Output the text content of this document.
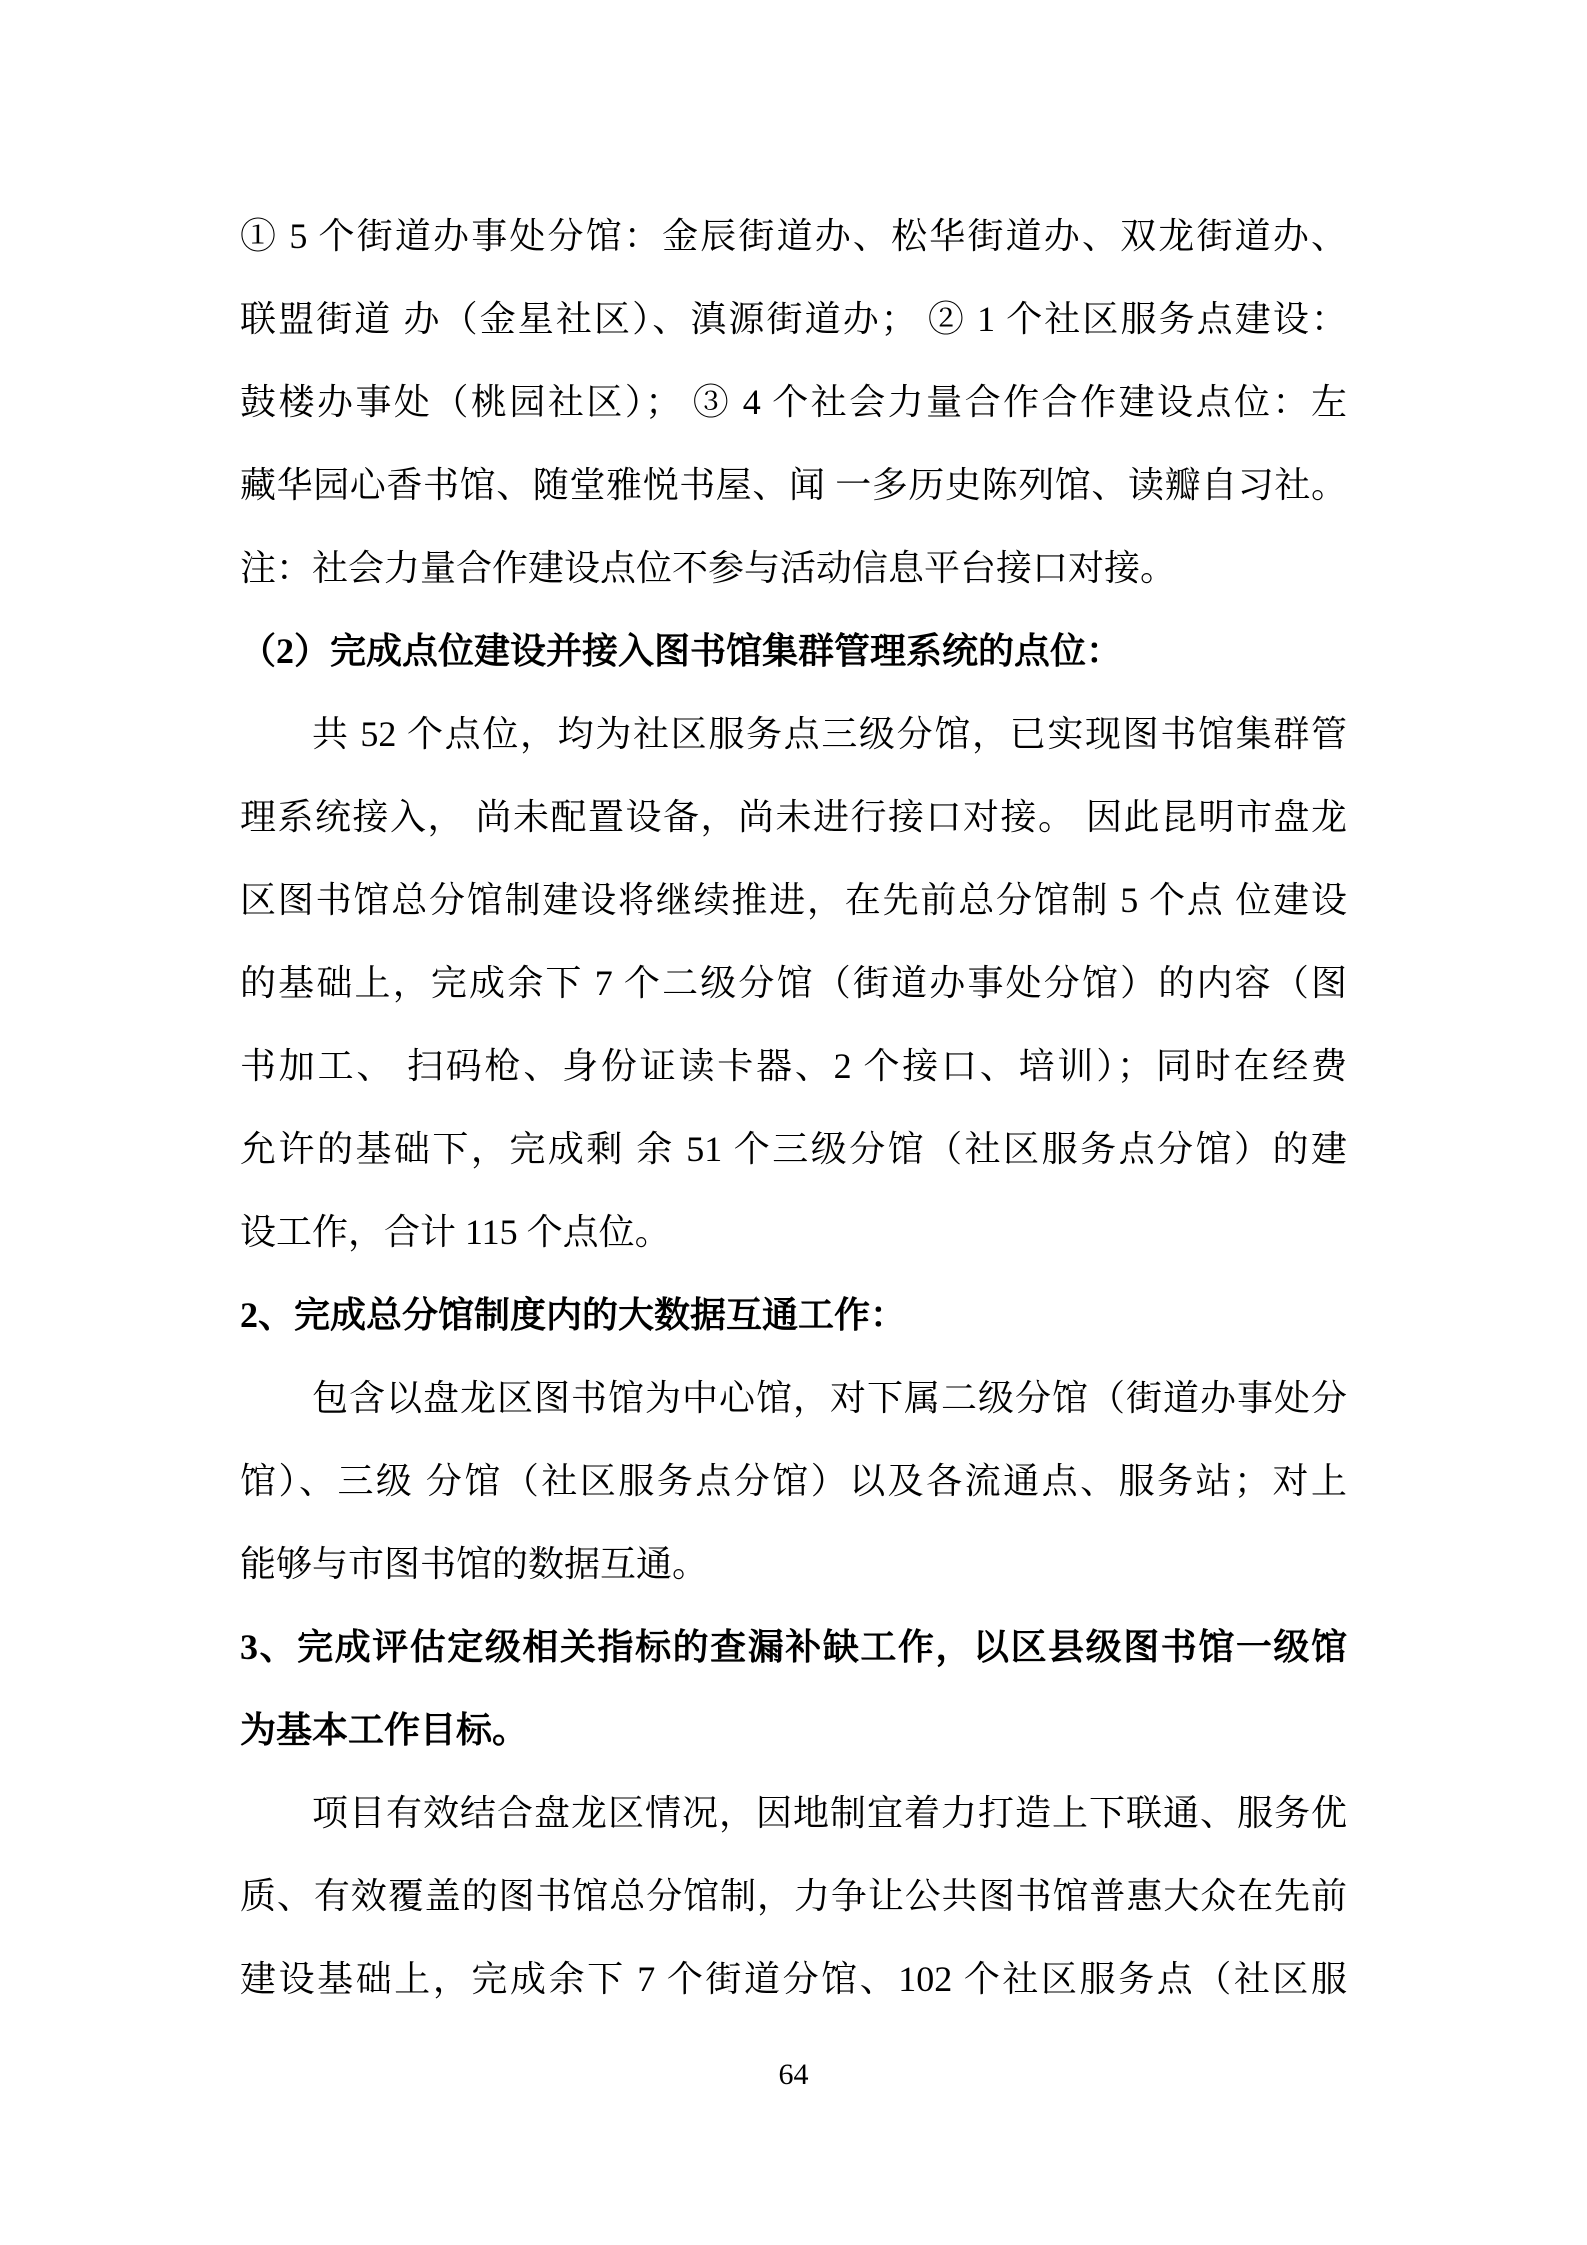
① 5 个街道办事处分馆：金辰街道办、松华街道办、双龙街道办、
联盟街道 办（金星社区）、滇源街道办； ② 1 个社区服务点建设：
鼓楼办事处（桃园社区）； ③ 4 个社会力量合作合作建设点位：左
藏华园心香书馆、随堂雅悦书屋、闻 一多历史陈列馆、读瓣自习社。
注：社会力量合作建设点位不参与活动信息平台接口对接。
（2）完成点位建设并接入图书馆集群管理系统的点位：
共 52 个点位，均为社区服务点三级分馆，已实现图书馆集群管
理系统接入， 尚未配置设备，尚未进行接口对接。 因此昆明市盘龙
区图书馆总分馆制建设将继续推进，在先前总分馆制 5 个点 位建设
的基础上，完成余下 7 个二级分馆（街道办事处分馆）的内容（图
书加工、 扫码枪、身份证读卡器、2 个接口、培训）；同时在经费
允许的基础下，完成剩 余 51 个三级分馆（社区服务点分馆）的建
设工作，合计 115 个点位。
2、完成总分馆制度内的大数据互通工作：
包含以盘龙区图书馆为中心馆，对下属二级分馆（街道办事处分
馆）、三级 分馆（社区服务点分馆）以及各流通点、服务站；对上
能够与市图书馆的数据互通。
3、完成评估定级相关指标的查漏补缺工作，以区县级图书馆一级馆
为基本工作目标。
项目有效结合盘龙区情况，因地制宜着力打造上下联通、服务优
质、有效覆盖的图书馆总分馆制，力争让公共图书馆普惠大众在先前
建设基础上，完成余下 7 个街道分馆、102 个社区服务点（社区服
64
